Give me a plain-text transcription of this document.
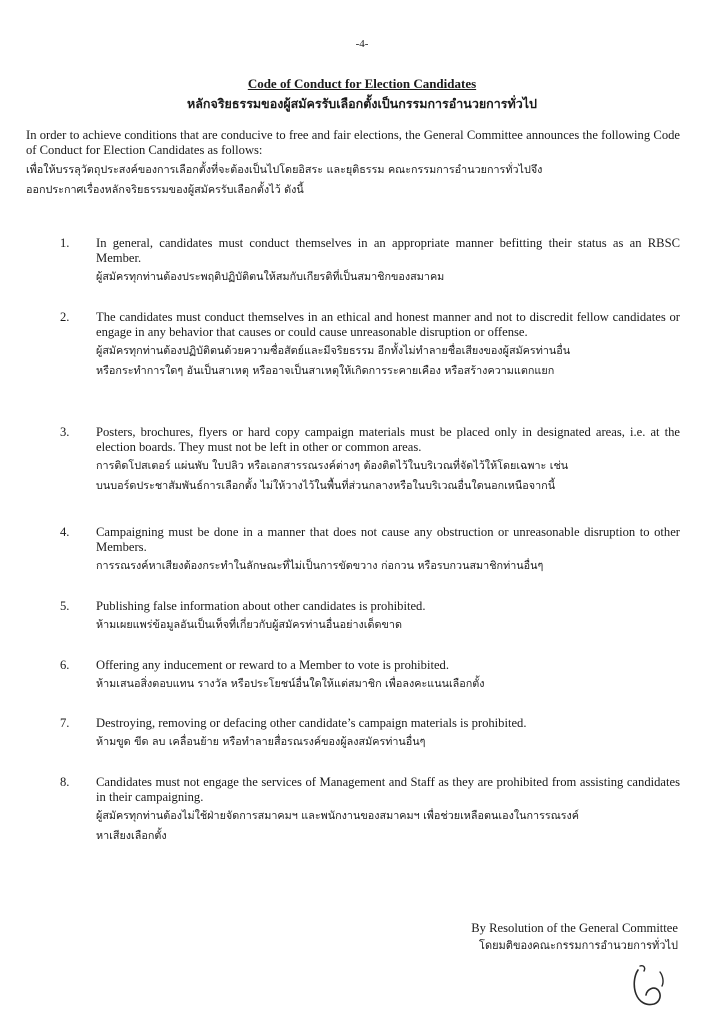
-4-
Code of Conduct for Election Candidates
หลักจริยธรรมของผู้สมัครรับเลือกตั้งเป็นกรรมการอำนวยการทั่วไป
In order to achieve conditions that are conducive to free and fair elections, the General Committee announces the following Code of Conduct for Election Candidates as follows:
เพื่อให้บรรลุวัตถุประสงค์ของการเลือกตั้งที่จะต้องเป็นไปโดยอิสระ และยุติธรรม คณะกรรมการอำนวยการทั่วไปจึง
ออกประกาศเรื่องหลักจริยธรรมของผู้สมัครรับเลือกตั้งไว้ ดังนี้
1. In general, candidates must conduct themselves in an appropriate manner befitting their status as an RBSC Member.
ผู้สมัครทุกท่านต้องประพฤติปฏิบัติตนให้สมกับเกียรติที่เป็นสมาชิกของสมาคม
2. The candidates must conduct themselves in an ethical and honest manner and not to discredit fellow candidates or engage in any behavior that causes or could cause unreasonable disruption or offense.
ผู้สมัครทุกท่านต้องปฏิบัติตนด้วยความซื่อสัตย์และมีจริยธรรม อีกทั้งไม่ทำลายชื่อเสียงของผู้สมัครท่านอื่น
หรือกระทำการใดๆ อันเป็นสาเหตุ หรืออาจเป็นสาเหตุให้เกิดการระคายเคือง หรือสร้างความแตกแยก
3. Posters, brochures, flyers or hard copy campaign materials must be placed only in designated areas, i.e. at the election boards. They must not be left in other or common areas.
การติดโปสเตอร์ แผ่นพับ ใบปลิว หรือเอกสารรณรงค์ต่างๆ ต้องติดไว้ในบริเวณที่จัดไว้ให้โดยเฉพาะ เช่น
บนบอร์ดประชาสัมพันธ์การเลือกตั้ง ไม่ให้วางไว้ในพื้นที่ส่วนกลางหรือในบริเวณอื่นใดนอกเหนือจากนี้
4. Campaigning must be done in a manner that does not cause any obstruction or unreasonable disruption to other Members.
การรณรงค์หาเสียงต้องกระทำในลักษณะที่ไม่เป็นการขัดขวาง ก่อกวน หรือรบกวนสมาชิกท่านอื่นๆ
5. Publishing false information about other candidates is prohibited.
ห้ามเผยแพร่ข้อมูลอันเป็นเท็จที่เกี่ยวกับผู้สมัครท่านอื่นอย่างเด็ดขาด
6. Offering any inducement or reward to a Member to vote is prohibited.
ห้ามเสนอสิ่งตอบแทน รางวัล หรือประโยชน์อื่นใดให้แต่สมาชิก เพื่อลงคะแนนเลือกตั้ง
7. Destroying, removing or defacing other candidate’s campaign materials is prohibited.
ห้ามขูด ขีด ลบ เคลื่อนย้าย หรือทำลายสื่อรณรงค์ของผู้ลงสมัครท่านอื่นๆ
8. Candidates must not engage the services of Management and Staff as they are prohibited from assisting candidates in their campaigning.
ผู้สมัครทุกท่านต้องไม่ใช้ฝ่ายจัดการสมาคมฯ และพนักงานของสมาคมฯ เพื่อช่วยเหลือตนเองในการรณรงค์
หาเสียงเลือกตั้ง
By Resolution of the General Committee
โดยมติของคณะกรรมการอำนวยการทั่วไป
